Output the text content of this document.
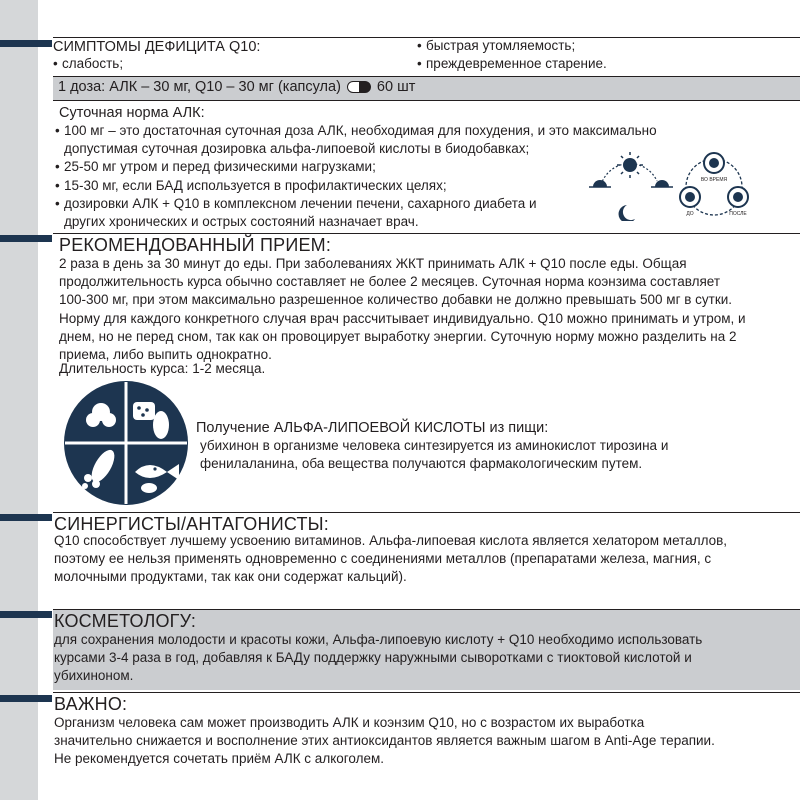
СИМПТОМЫ ДЕФИЦИТА Q10:
• слабость;
• быстрая утомляемость;
• преждевременное старение.
1 доза: АЛК – 30 мг, Q10 – 30 мг (капсула) 60 шт
Суточная норма АЛК:
• 100 мг – это достаточная суточная доза АЛК, необходимая для похудения, и это максимально допустимая суточная дозировка альфа-липоевой кислоты в биодобавках;
• 25-50 мг утром и перед физическими нагрузками;
• 15-30 мг, если БАД используется в профилактических целях;
• дозировки АЛК + Q10 в комплексном лечении печени, сахарного диабета и других хронических и острых состояний назначает врач.
ВО ВРЕМЯ
ДО	ПОСЛЕ
РЕКОМЕНДОВАННЫЙ ПРИЕМ:
2 раза в день за 30 минут до еды. При заболеваниях ЖКТ принимать АЛК + Q10 после еды. Общая продолжительность курса обычно составляет не более 2 месяцев. Суточная норма коэнзима составляет 100-300 мг, при этом максимально разрешенное количество добавки не должно превышать 500 мг в сутки. Норму для каждого конкретного случая врач рассчитывает индивидуально. Q10 можно принимать и утром, и днем, но не перед сном, так как он провоцирует выработку энергии. Суточную норму можно разделить на 2 приема, либо выпить однократно.
Длительность курса: 1-2 месяца.
Получение АЛЬФА-ЛИПОЕВОЙ КИСЛОТЫ из пищи:
убихинон в организме человека синтезируется из аминокислот тирозина и фенилаланина, оба вещества получаются фармакологическим путем.
СИНЕРГИСТЫ/АНТАГОНИСТЫ:
Q10 способствует лучшему усвоению витаминов. Альфа-липоевая кислота является хелатором металлов, поэтому ее нельзя применять одновременно с соединениями металлов (препаратами железа, магния, с молочными продуктами, так как они содержат кальций).
КОСМЕТОЛОГУ:
для сохранения молодости и красоты кожи, Альфа-липоевую кислоту + Q10 необходимо использовать курсами 3-4 раза в год, добавляя к БАДу поддержку наружными сыворотками с тиоктовой кислотой и убихиноном.
ВАЖНО:
Организм человека сам может производить АЛК и коэнзим Q10, но с возрастом их выработка значительно снижается и восполнение этих антиоксидантов является важным шагом в Anti-Age терапии. Не рекомендуется сочетать приём АЛК с алкоголем.
